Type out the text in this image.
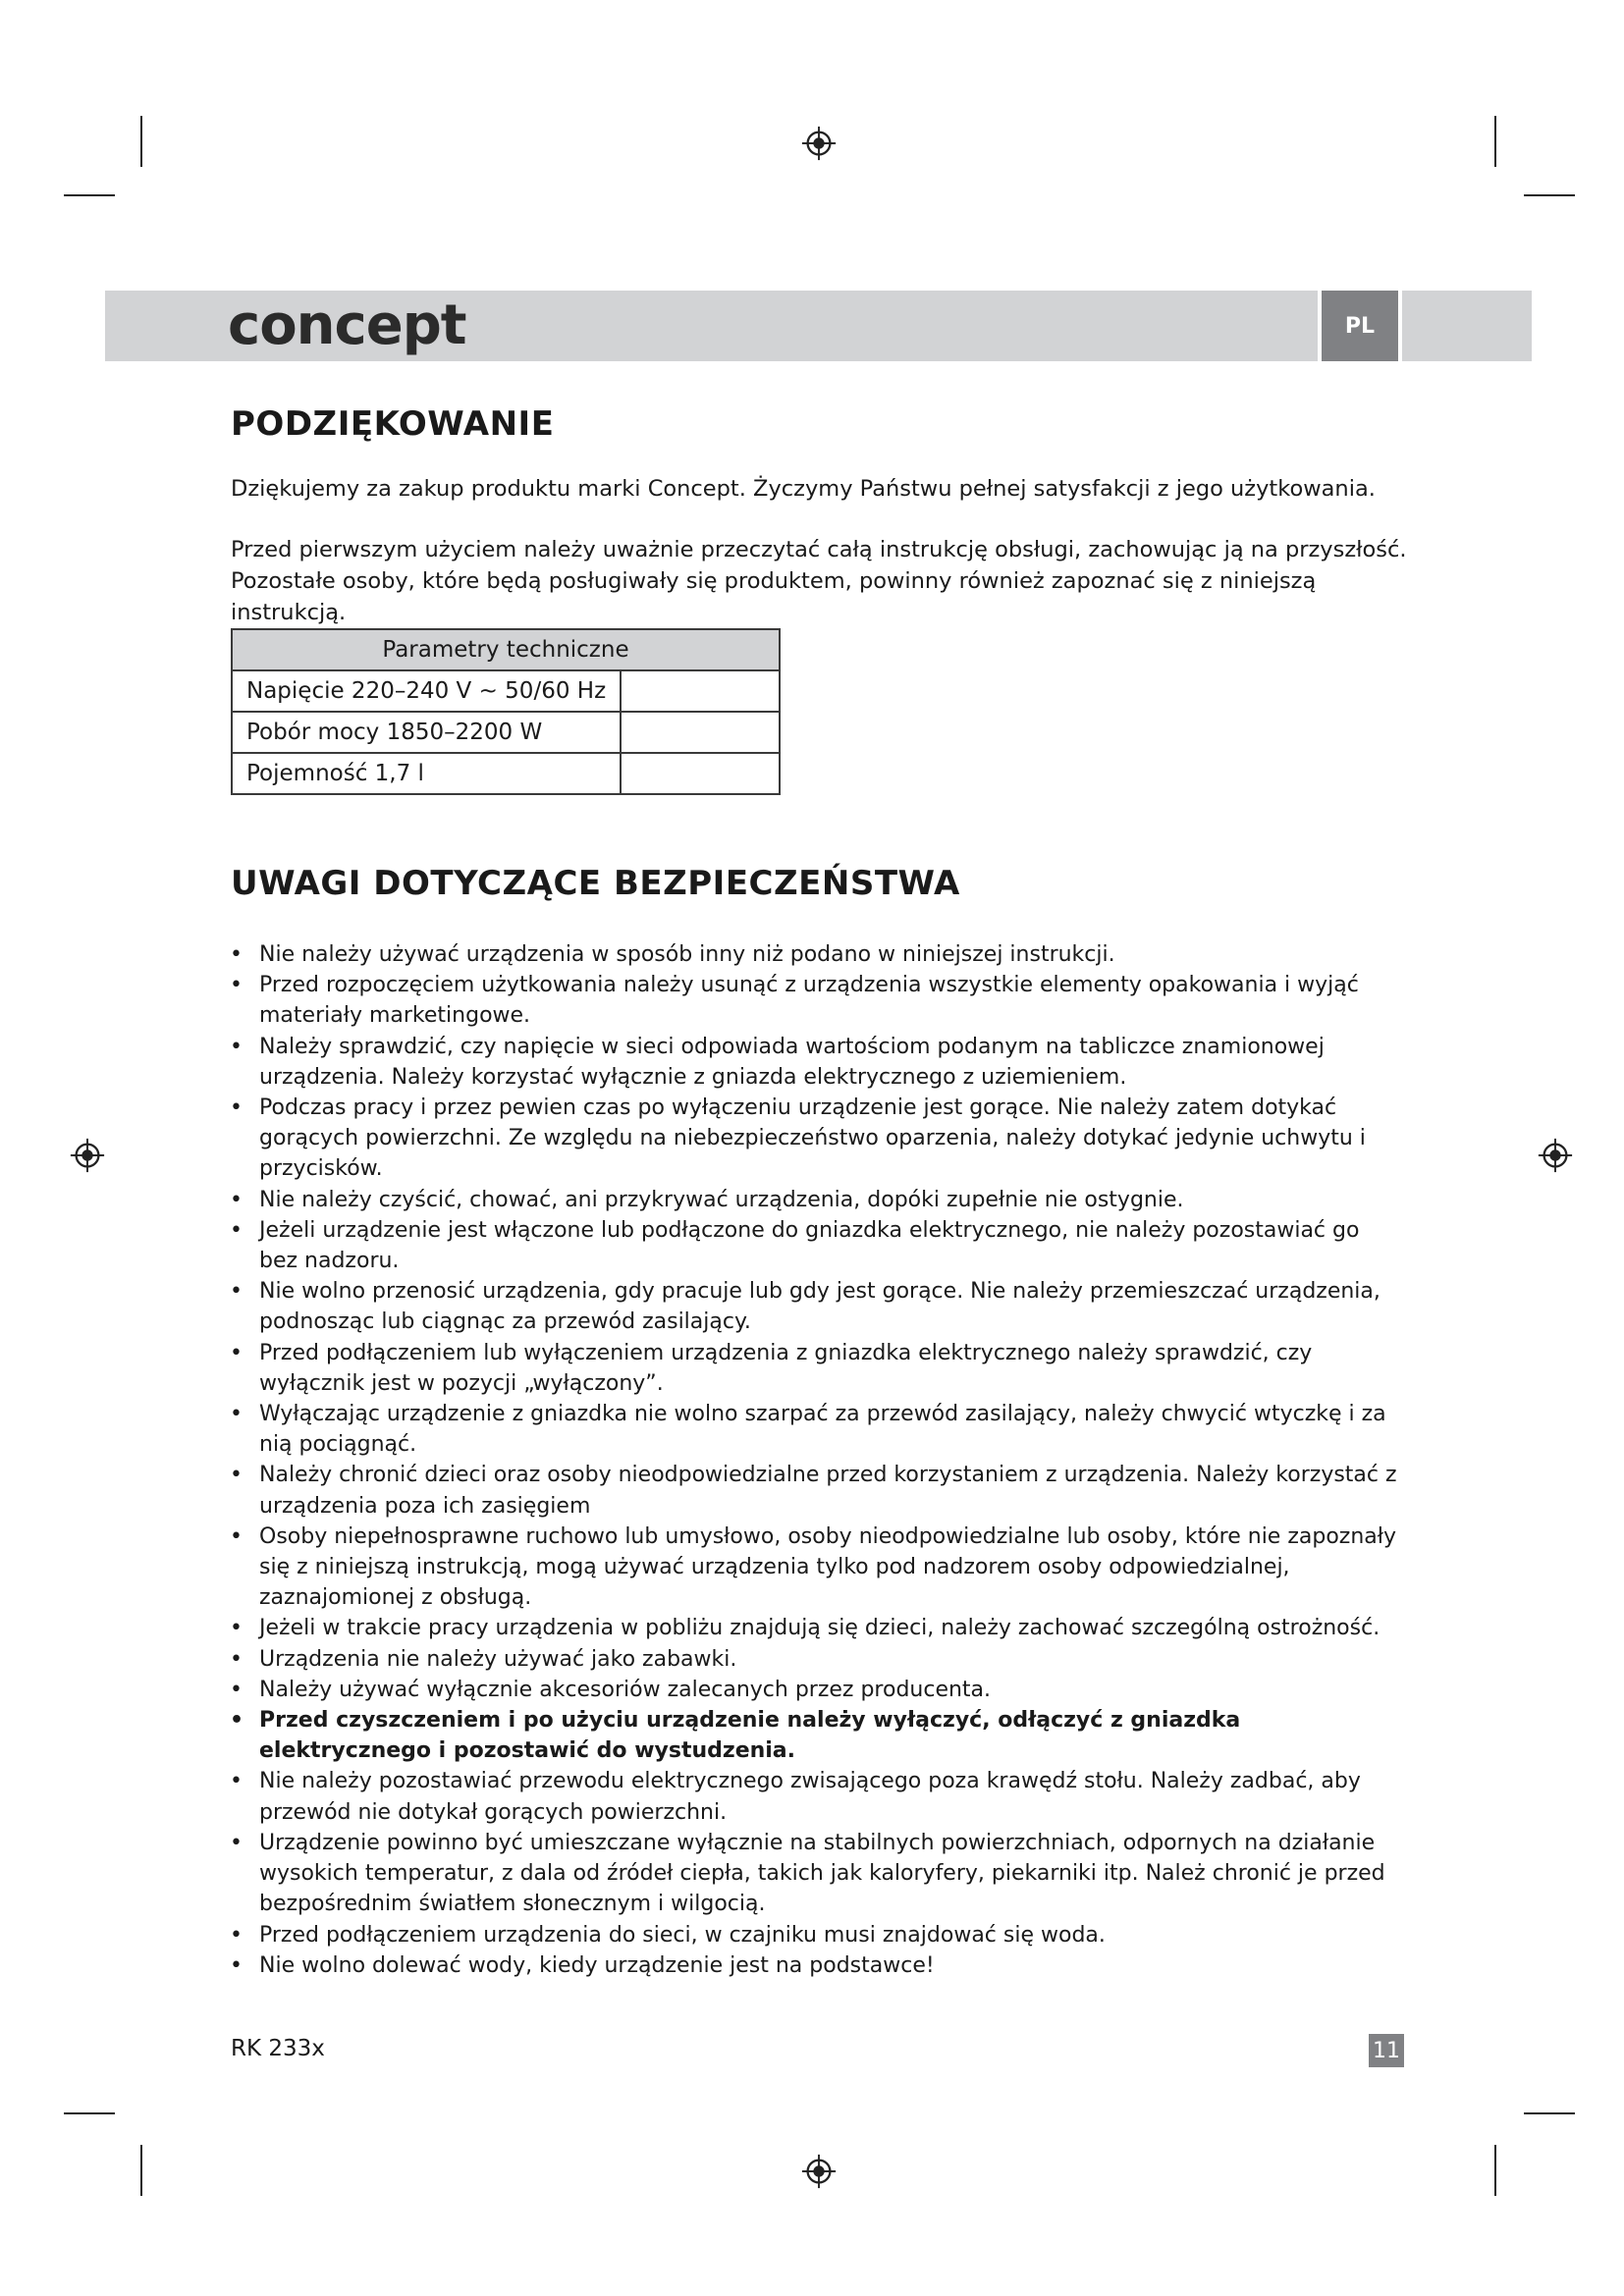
concept	PL
PODZIĘKOWANIE

Dziękujemy za zakup produktu marki Concept. Życzymy Państwu pełnej satysfakcji z jego użytkowania.

Przed pierwszym użyciem należy uważnie przeczytać całą instrukcję obsługi, zachowując ją na przyszłość.

Pozostałe osoby, które będą posługiwały się produktem, powinny również zapoznać się z niniejszą instrukcją.

Parametry techniczne	
Napięcie 220–240 V ~ 50/60 Hz	
Pobór mocy 1850–2200 W	
Pojemność 1,7 l	
UWAGI DOTYCZĄCE BEZPIECZEŃSTWA
• Nie należy używać urządzenia w sposób inny niż podano w niniejszej instrukcji.
• Przed rozpoczęciem użytkowania należy usunąć z urządzenia wszystkie elementy opakowania i wyjąć materiały marketingowe.
• Należy sprawdzić, czy napięcie w sieci odpowiada wartościom podanym na tabliczce znamionowej urządzenia. Należy korzystać wyłącznie z gniazda elektrycznego z uziemieniem.
• Podczas pracy i przez pewien czas po wyłączeniu urządzenie jest gorące. Nie należy zatem dotykać gorących powierzchni. Ze względu na niebezpieczeństwo oparzenia, należy dotykać jedynie uchwytu i przycisków.
• Nie należy czyścić, chować, ani przykrywać urządzenia, dopóki zupełnie nie ostygnie.
• Jeżeli urządzenie jest włączone lub podłączone do gniazdka elektrycznego, nie należy pozostawiać go bez nadzoru.
• Nie wolno przenosić urządzenia, gdy pracuje lub gdy jest gorące. Nie należy przemieszczać urządzenia, podnosząc lub ciągnąc za przewód zasilający.
• Przed podłączeniem lub wyłączeniem urządzenia z gniazdka elektrycznego należy sprawdzić, czy wyłącznik jest w pozycji „wyłączony”.
• Wyłączając urządzenie z gniazdka nie wolno szarpać za przewód zasilający, należy chwycić wtyczkę i za nią pociągnąć.
• Należy chronić dzieci oraz osoby nieodpowiedzialne przed korzystaniem z urządzenia. Należy korzystać z urządzenia poza ich zasięgiem
• Osoby niepełnosprawne ruchowo lub umysłowo, osoby nieodpowiedzialne lub osoby, które nie zapoznały się z niniejszą instrukcją, mogą używać urządzenia tylko pod nadzorem osoby odpowiedzialnej, zaznajomionej z obsługą.
• Jeżeli w trakcie pracy urządzenia w pobliżu znajdują się dzieci, należy zachować szczególną ostrożność.
• Urządzenia nie należy używać jako zabawki.
• Należy używać wyłącznie akcesoriów zalecanych przez producenta.
• Przed czyszczeniem i po użyciu urządzenie należy wyłączyć, odłączyć z gniazdka elektrycznego i pozostawić do wystudzenia.
• Nie należy pozostawiać przewodu elektrycznego zwisającego poza krawędź stołu. Należy zadbać, aby przewód nie dotykał gorących powierzchni.
• Urządzenie powinno być umieszczane wyłącznie na stabilnych powierzchniach, odpornych na działanie wysokich temperatur, z dala od źródeł ciepła, takich jak kaloryfery, piekarniki itp. Należ chronić je przed bezpośrednim światłem słonecznym i wilgocią.
• Przed podłączeniem urządzenia do sieci, w czajniku musi znajdować się woda.
• Nie wolno dolewać wody, kiedy urządzenie jest na podstawce!
RK 233x	11
